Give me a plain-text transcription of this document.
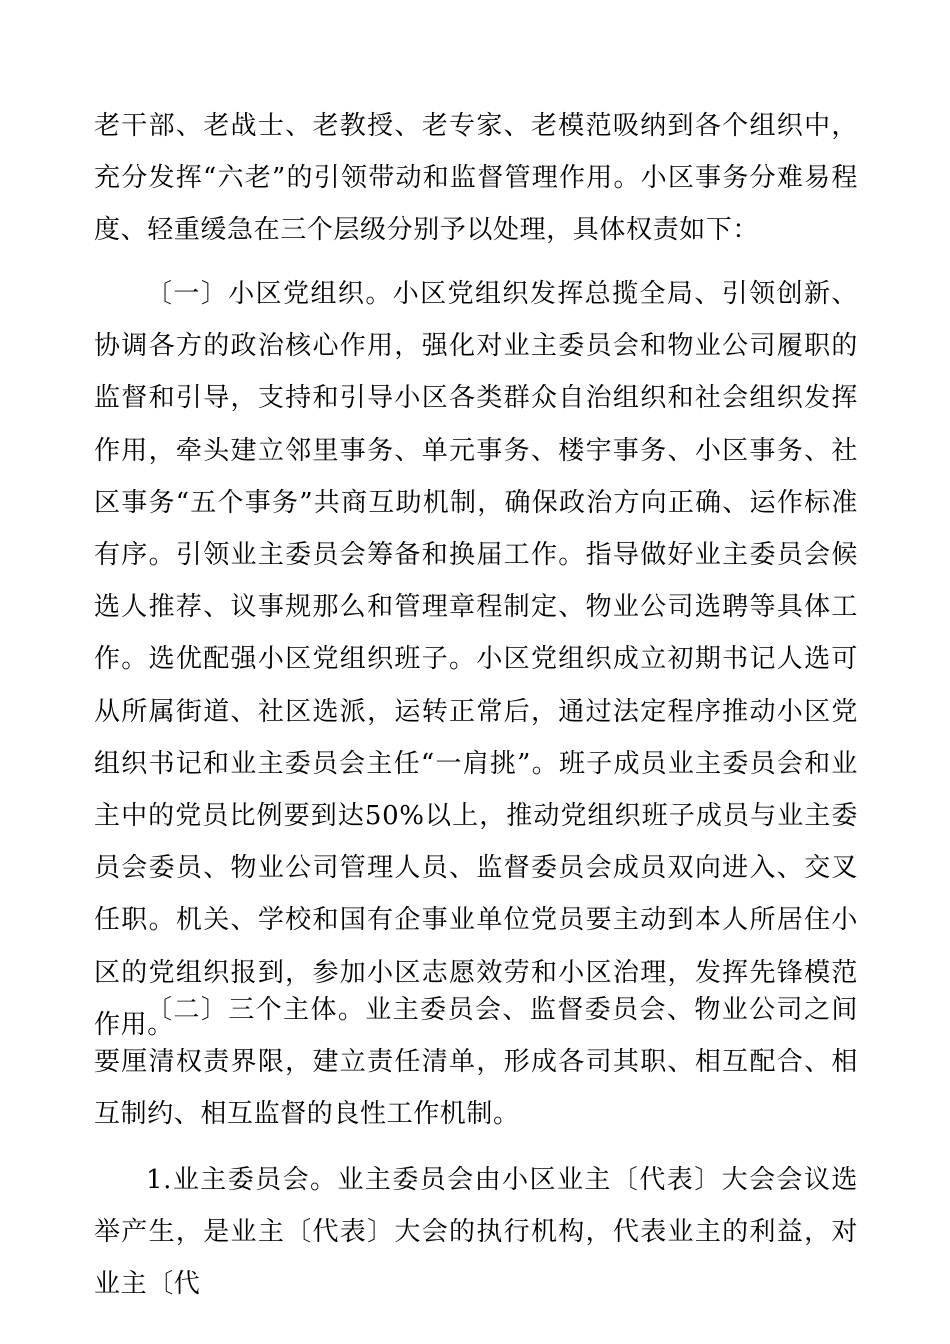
老干部、老战士、老教授、老专家、老模范吸纳到各个组织中，充分发挥“六老”的引领带动和监督管理作用。小区事务分难易程度、轻重缓急在三个层级分别予以处理，具体权责如下：

〔一〕小区党组织。小区党组织发挥总揽全局、引领创新、协调各方的政治核心作用，强化对业主委员会和物业公司履职的监督和引导，支持和引导小区各类群众自治组织和社会组织发挥作用，牵头建立邻里事务、单元事务、楼宇事务、小区事务、社区事务“五个事务”共商互助机制，确保政治方向正确、运作标准有序。引领业主委员会筹备和换届工作。指导做好业主委员会候选人推荐、议事规那么和管理章程制定、物业公司选聘等具体工作。选优配强小区党组织班子。小区党组织成立初期书记人选可从所属街道、社区选派，运转正常后，通过法定程序推动小区党组织书记和业主委员会主任“一肩挑”。班子成员业主委员会和业主中的党员比例要到达50%以上，推动党组织班子成员与业主委员会委员、物业公司管理人员、监督委员会成员双向进入、交叉任职。机关、学校和国有企事业单位党员要主动到本人所居住小区的党组织报到，参加小区志愿效劳和小区治理，发挥先锋模范作用。

〔二〕三个主体。业主委员会、监督委员会、物业公司之间要厘清权责界限，建立责任清单，形成各司其职、相互配合、相互制约、相互监督的良性工作机制。

1.业主委员会。业主委员会由小区业主〔代表〕大会会议选举产生，是业主〔代表〕大会的执行机构，代表业主的利益，对业主〔代
